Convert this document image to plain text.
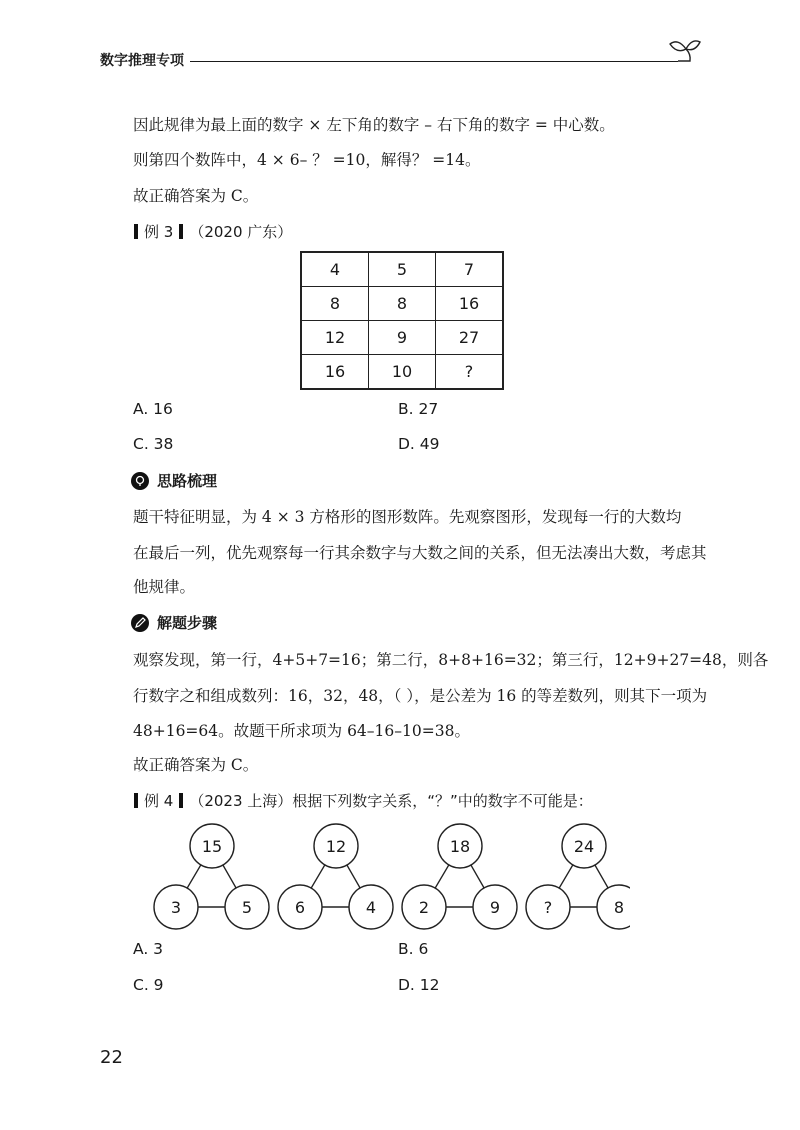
数字推理专项
因此规律为最上面的数字 × 左下角的数字 – 右下角的数字 = 中心数。
则第四个数阵中，4 × 6– ？ =10，解得？ =14。
故正确答案为 C。
例 3 （2020 广东）
4	5	7
8	8	16
12	9	27
16	10	?
A. 16	B. 27
C. 38	D. 49
思路梳理
题干特征明显，为 4 × 3 方格形的图形数阵。先观察图形，发现每一行的大数均
在最后一列，优先观察每一行其余数字与大数之间的关系，但无法凑出大数，考虑其
他规律。
解题步骤
观察发现，第一行，4+5+7=16；第二行，8+8+16=32；第三行，12+9+27=48，则各
行数字之和组成数列：16，32，48，（ ），是公差为 16 的等差数列，则其下一项为
48+16=64。故题干所求项为 64–16–10=38。
故正确答案为 C。
例 4 （2023 上海）根据下列数字关系，“？”中的数字不可能是：
15
3	5
12
6	4
18
2	9
24
?	8
A. 3	B. 6
C. 9	D. 12
22
